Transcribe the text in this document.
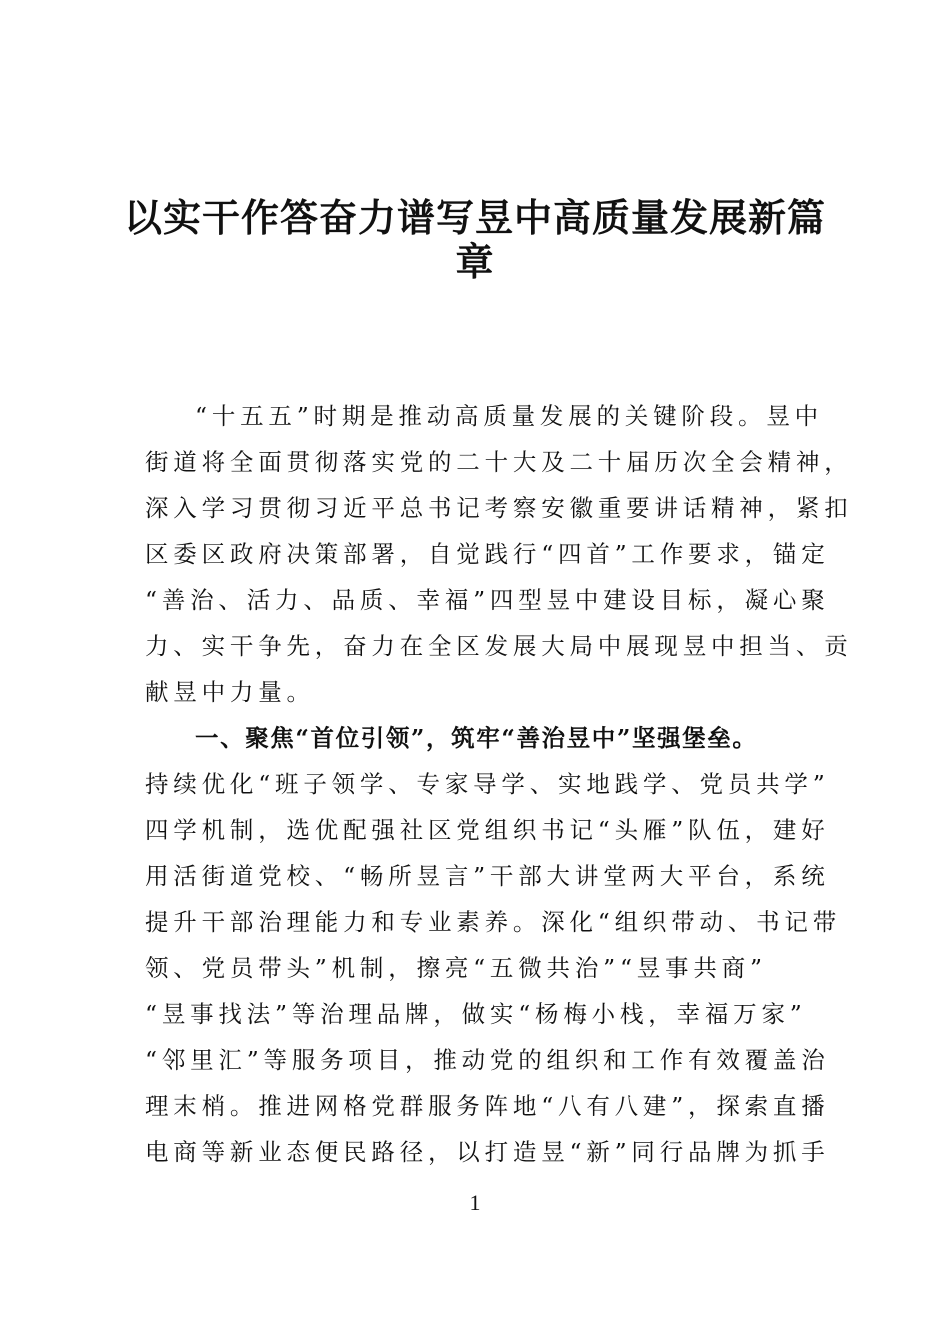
以实干作答奋力谱写昱中高质量发展新篇
章
“十五五”时期是推动高质量发展的关键阶段。昱中
街道将全面贯彻落实党的二十大及二十届历次全会精神，
深入学习贯彻习近平总书记考察安徽重要讲话精神，紧扣
区委区政府决策部署，自觉践行“四首”工作要求，锚定
“善治、活力、品质、幸福”四型昱中建设目标，凝心聚
力、实干争先，奋力在全区发展大局中展现昱中担当、贡
献昱中力量。
一、聚焦“首位引领”，筑牢“善治昱中”坚强堡垒。
持续优化“班子领学、专家导学、实地践学、党员共学”
四学机制，选优配强社区党组织书记“头雁”队伍，建好
用活街道党校、“畅所昱言”干部大讲堂两大平台，系统
提升干部治理能力和专业素养。深化“组织带动、书记带
领、党员带头”机制，擦亮“五微共治”“昱事共商”
“昱事找法”等治理品牌，做实“杨梅小栈，幸福万家”
“邻里汇”等服务项目，推动党的组织和工作有效覆盖治
理末梢。推进网格党群服务阵地“八有八建”，探索直播
电商等新业态便民路径，以打造昱“新”同行品牌为抓手
1
